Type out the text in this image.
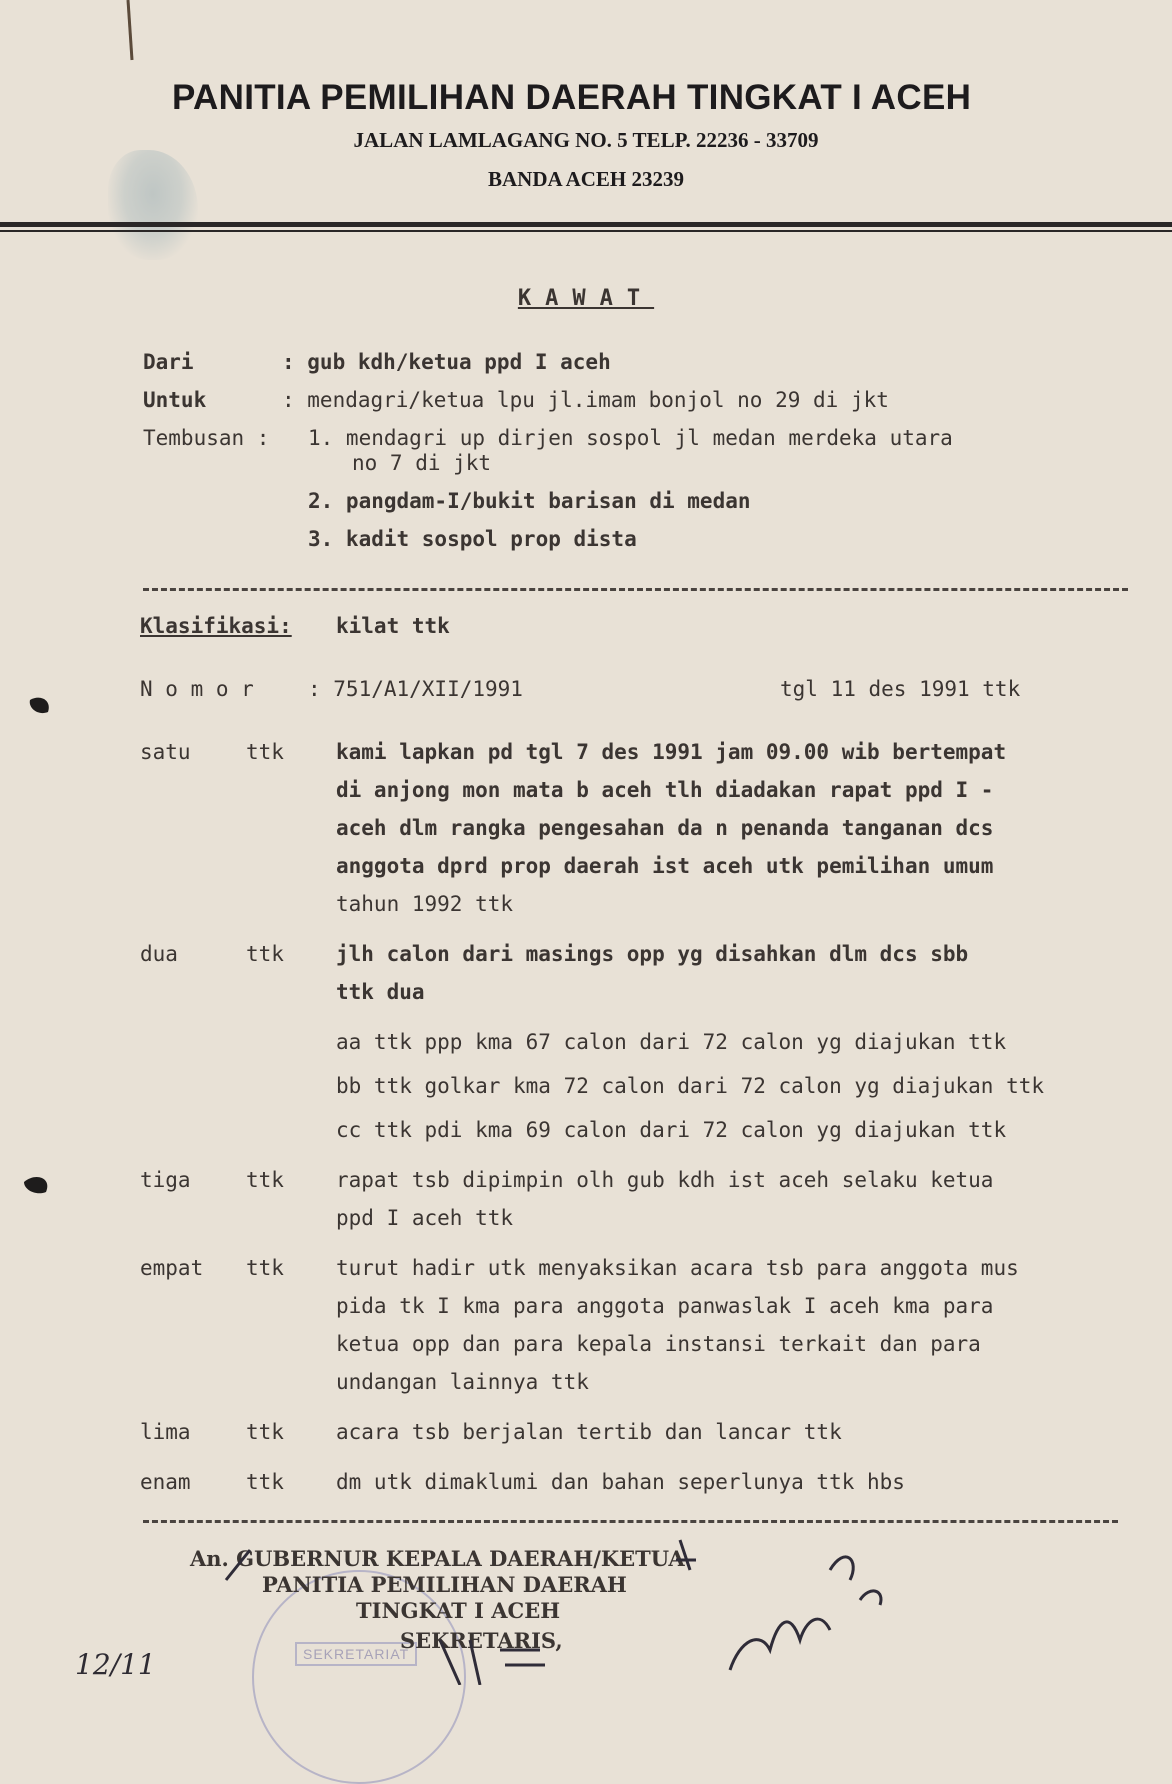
PANITIA PEMILIHAN DAERAH TINGKAT I ACEH
JALAN LAMLAGANG NO. 5 TELP. 22236 - 33709
BANDA ACEH 23239
KAWAT
Dari	: gub kdh/ketua ppd I aceh
Untuk	: mendagri/ketua lpu jl.imam bonjol no 29 di jkt
Tembusan : 1. mendagri up dirjen sospol jl medan merdeka utara
no 7 di jkt
2. pangdam-I/bukit barisan di medan
3. kadit sospol prop dista
Klasifikasi: kilat ttk
N o m o r	: 751/A1/XII/1991	tgl 11 des 1991 ttk
satu	ttk kami lapkan pd tgl 7 des 1991 jam 09.00 wib bertempat
di anjong mon mata b aceh tlh diadakan rapat ppd I -
aceh dlm rangka pengesahan da n penanda tanganan dcs
anggota dprd prop daerah ist aceh utk pemilihan umum
tahun 1992 ttk
dua	ttk jlh calon dari masings opp yg disahkan dlm dcs sbb
ttk dua
aa ttk ppp kma 67 calon dari 72 calon yg diajukan ttk
bb ttk golkar kma 72 calon dari 72 calon yg diajukan ttk
cc ttk pdi kma 69 calon dari 72 calon yg diajukan ttk
tiga	ttk rapat tsb dipimpin olh gub kdh ist aceh selaku ketua
ppd I aceh ttk
empat ttk turut hadir utk menyaksikan acara tsb para anggota mus
pida tk I kma para anggota panwaslak I aceh kma para
ketua opp dan para kepala instansi terkait dan para
undangan lainnya ttk
lima	ttk acara tsb berjalan tertib dan lancar ttk
enam	ttk dm utk dimaklumi dan bahan seperlunya ttk hbs
SEKRETARIAT
An. GUBERNUR KEPALA DAERAH/KETUA
PANITIA PEMILIHAN DAERAH
TINGKAT I ACEH
SEKRETARIS,
12/11
